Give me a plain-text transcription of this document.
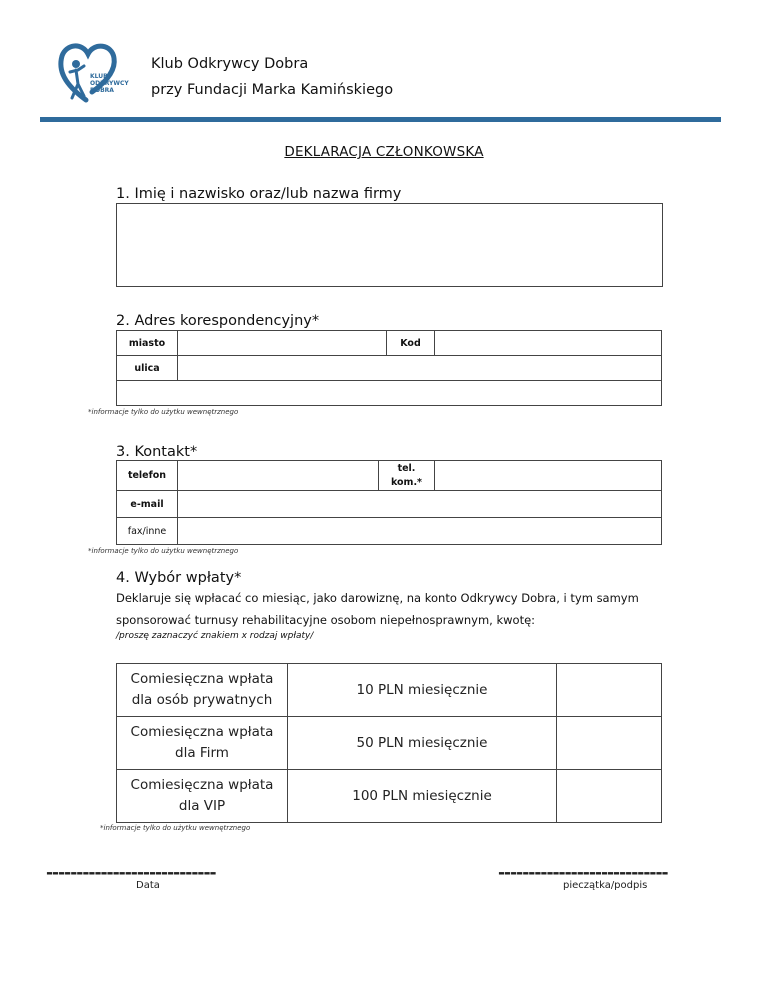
KLUB
ODKRYWCY
DOBRA
Klub Odkrywcy Dobra
przy Fundacji Marka Kamińskiego
DEKLARACJA CZŁONKOWSKA
1. Imię i nazwisko oraz/lub nazwa firmy
2. Adres korespondencyjny*
miasto		Kod	
ulica			

*informacje tylko do użytku wewnętrznego
3. Kontakt*
telefon		tel.
kom.*	
e-mail			
fax/inne			
*informacje tylko do użytku wewnętrznego
4. Wybór wpłaty*
Deklaruje się wpłacać co miesiąc, jako darowiznę, na konto Odkrywcy Dobra, i tym samym
sponsorować turnusy rehabilitacyjne osobom niepełnosprawnym, kwotę:
/proszę zaznaczyć znakiem x rodzaj wpłaty/
Comiesięczna wpłata
dla osób prywatnych	10 PLN miesięcznie	
Comiesięczna wpłata
dla Firm	50 PLN miesięcznie	
Comiesięczna wpłata
dla VIP	100 PLN miesięcznie	
*informacje tylko do użytku wewnętrznego
----------------------------
Data
----------------------------
pieczątka/podpis
